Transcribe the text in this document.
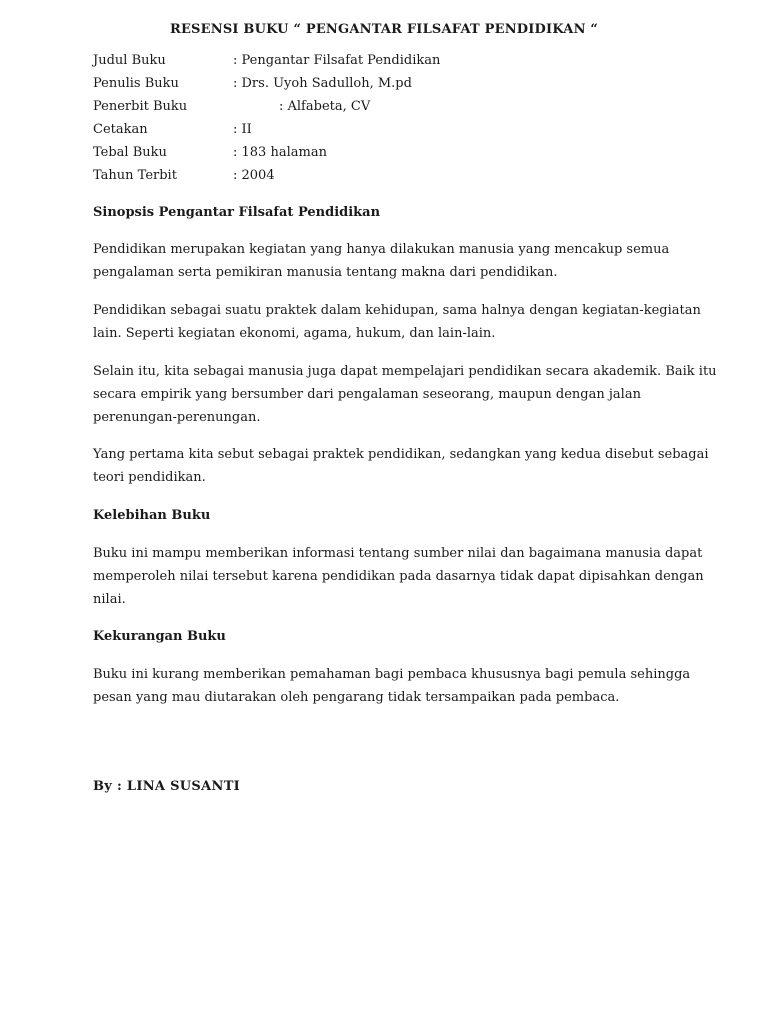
RESENSI BUKU “ PENGANTAR FILSAFAT PENDIDIKAN “
Judul Buku	: Pengantar Filsafat Pendidikan
Penulis Buku	: Drs. Uyoh Sadulloh, M.pd
Penerbit Buku	: Alfabeta, CV
Cetakan	: II
Tebal Buku	: 183 halaman
Tahun Terbit	: 2004
Sinopsis Pengantar Filsafat Pendidikan
Pendidikan merupakan kegiatan yang hanya dilakukan manusia yang mencakup semua
pengalaman serta pemikiran manusia tentang makna dari pendidikan.
Pendidikan sebagai suatu praktek dalam kehidupan, sama halnya dengan kegiatan-kegiatan
lain. Seperti kegiatan ekonomi, agama, hukum, dan lain-lain.
Selain itu, kita sebagai manusia juga dapat mempelajari pendidikan secara akademik. Baik itu
secara empirik yang bersumber dari pengalaman seseorang, maupun dengan jalan
perenungan-perenungan.
Yang pertama kita sebut sebagai praktek pendidikan, sedangkan yang kedua disebut sebagai
teori pendidikan.
Kelebihan Buku
Buku ini mampu memberikan informasi tentang sumber nilai dan bagaimana manusia dapat
memperoleh nilai tersebut karena pendidikan pada dasarnya tidak dapat dipisahkan dengan
nilai.
Kekurangan Buku
Buku ini kurang memberikan pemahaman bagi pembaca khususnya bagi pemula sehingga
pesan yang mau diutarakan oleh pengarang tidak tersampaikan pada pembaca.
By : LINA SUSANTI
